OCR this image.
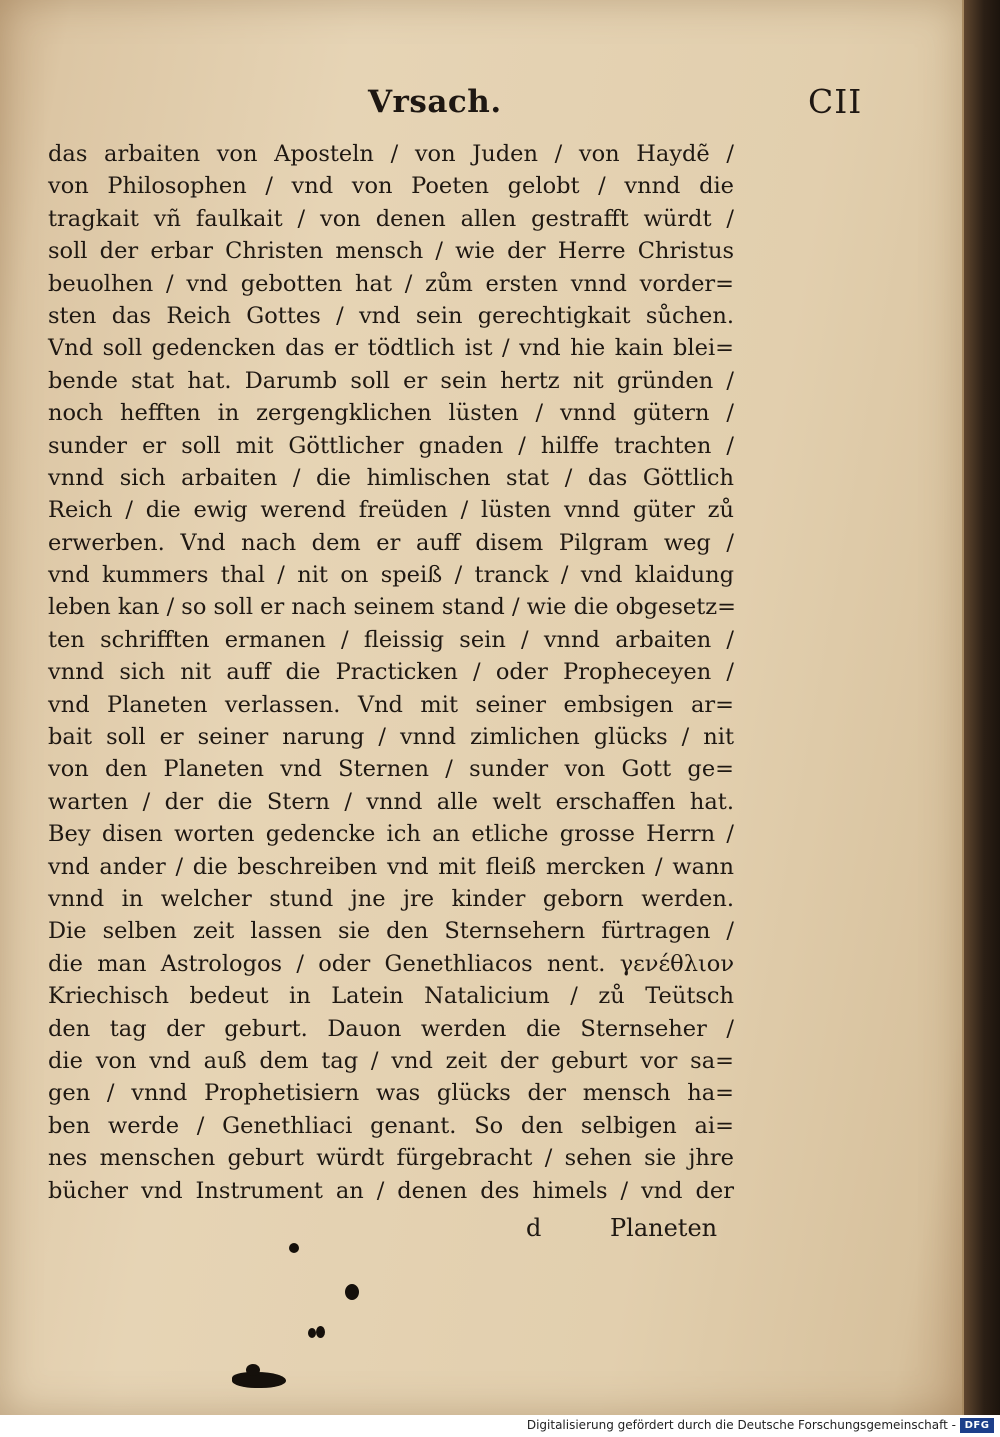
Vrsach.	CII
das arbaiten von Aposteln / von Juden / von Haydẽ /
von Philosophen / vnd von Poeten gelobt / vnnd die
tragkait vñ faulkait / von denen allen gestrafft würdt /
soll der erbar Christen mensch / wie der Herre Christus
beuolhen / vnd gebotten hat / zům ersten vnnd vorder=
sten das Reich Gottes / vnd sein gerechtigkait sůchen.
Vnd soll gedencken das er tödtlich ist / vnd hie kain blei=
bende stat hat. Darumb soll er sein hertz nit gründen /
noch hefften in zergengklichen lüsten / vnnd gütern /
sunder er soll mit Göttlicher gnaden / hilffe trachten /
vnnd sich arbaiten / die himlischen stat / das Göttlich
Reich / die ewig werend freüden / lüsten vnnd güter zů
erwerben. Vnd nach dem er auff disem Pilgram weg /
vnd kummers thal / nit on speiß / tranck / vnd klaidung
leben kan / so soll er nach seinem stand / wie die obgesetz=
ten schrifften ermanen / fleissig sein / vnnd arbaiten /
vnnd sich nit auff die Practicken / oder Propheceyen /
vnd Planeten verlassen. Vnd mit seiner embsigen ar=
bait soll er seiner narung / vnnd zimlichen glücks / nit
von den Planeten vnd Sternen / sunder von Gott ge=
warten / der die Stern / vnnd alle welt erschaffen hat.
Bey disen worten gedencke ich an etliche grosse Herrn /
vnd ander / die beschreiben vnd mit fleiß mercken / wann
vnnd in welcher stund jne jre kinder geborn werden.
Die selben zeit lassen sie den Sternsehern fürtragen /
die man Astrologos / oder Genethliacos nent. γενέθλιον
Kriechisch bedeut in Latein Natalicium / zů Teütsch
den tag der geburt. Dauon werden die Sternseher /
die von vnd auß dem tag / vnd zeit der geburt vor sa=
gen / vnnd Prophetisiern was glücks der mensch ha=
ben werde / Genethliaci genant. So den selbigen ai=
nes menschen geburt würdt fürgebracht / sehen sie jhre
bücher vnd Instrument an / denen des himels / vnd der
d	Planeten
Digitalisierung gefördert durch die Deutsche Forschungsgemeinschaft - DFG
